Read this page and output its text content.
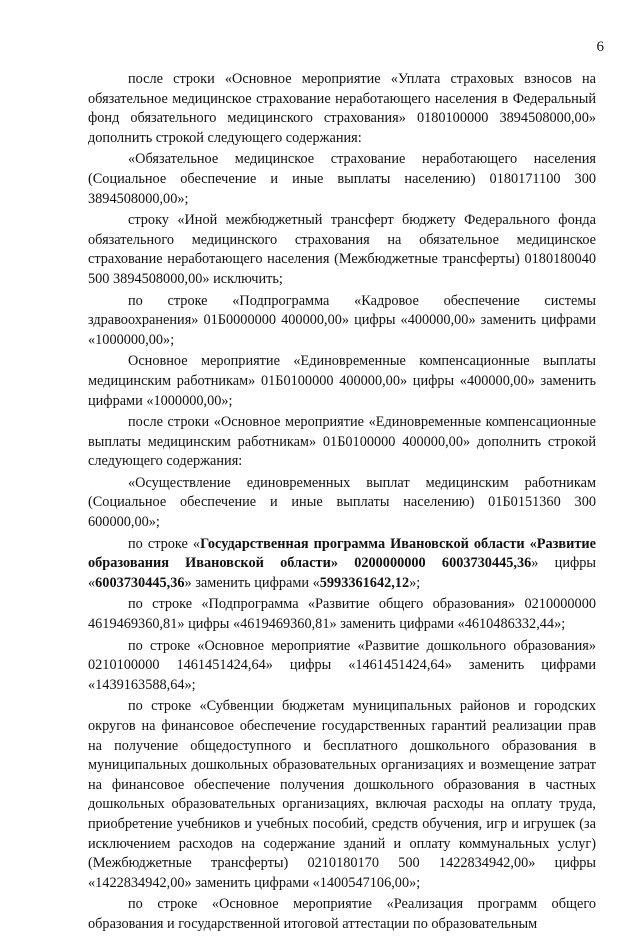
6

после строки «Основное мероприятие «Уплата страховых взносов на обязательное медицинское страхование неработающего населения в Федеральный фонд обязательного медицинского страхования» 0180100000 3894508000,00» дополнить строкой следующего содержания:

«Обязательное медицинское страхование неработающего населения (Социальное обеспечение и иные выплаты населению) 0180171100 300 3894508000,00»;

строку «Иной межбюджетный трансферт бюджету Федерального фонда обязательного медицинского страхования на обязательное медицинское страхование неработающего населения (Межбюджетные трансферты) 0180180040 500 3894508000,00» исключить;

по строке «Подпрограмма «Кадровое обеспечение системы здравоохранения» 01Б0000000 400000,00» цифры «400000,00» заменить цифрами «1000000,00»;

Основное мероприятие «Единовременные компенсационные выплаты медицинским работникам» 01Б0100000 400000,00» цифры «400000,00» заменить цифрами «1000000,00»;

после строки «Основное мероприятие «Единовременные компенсационные выплаты медицинским работникам» 01Б0100000 400000,00» дополнить строкой следующего содержания:

«Осуществление единовременных выплат медицинским работникам (Социальное обеспечение и иные выплаты населению) 01Б0151360 300 600000,00»;

по строке «Государственная программа Ивановской области «Развитие образования Ивановской области» 0200000000 6003730445,36» цифры «6003730445,36» заменить цифрами «5993361642,12»;

по строке «Подпрограмма «Развитие общего образования» 0210000000 4619469360,81» цифры «4619469360,81» заменить цифрами «4610486332,44»;

по строке «Основное мероприятие «Развитие дошкольного образования» 0210100000 1461451424,64» цифры «1461451424,64» заменить цифрами «1439163588,64»;

по строке «Субвенции бюджетам муниципальных районов и городских округов на финансовое обеспечение государственных гарантий реализации прав на получение общедоступного и бесплатного дошкольного образования в муниципальных дошкольных образовательных организациях и возмещение затрат на финансовое обеспечение получения дошкольного образования в частных дошкольных образовательных организациях, включая расходы на оплату труда, приобретение учебников и учебных пособий, средств обучения, игр и игрушек (за исключением расходов на содержание зданий и оплату коммунальных услуг) (Межбюджетные трансферты) 0210180170 500 1422834942,00» цифры «1422834942,00» заменить цифрами «1400547106,00»;

по строке «Основное мероприятие «Реализация программ общего образования и государственной итоговой аттестации по образовательным
